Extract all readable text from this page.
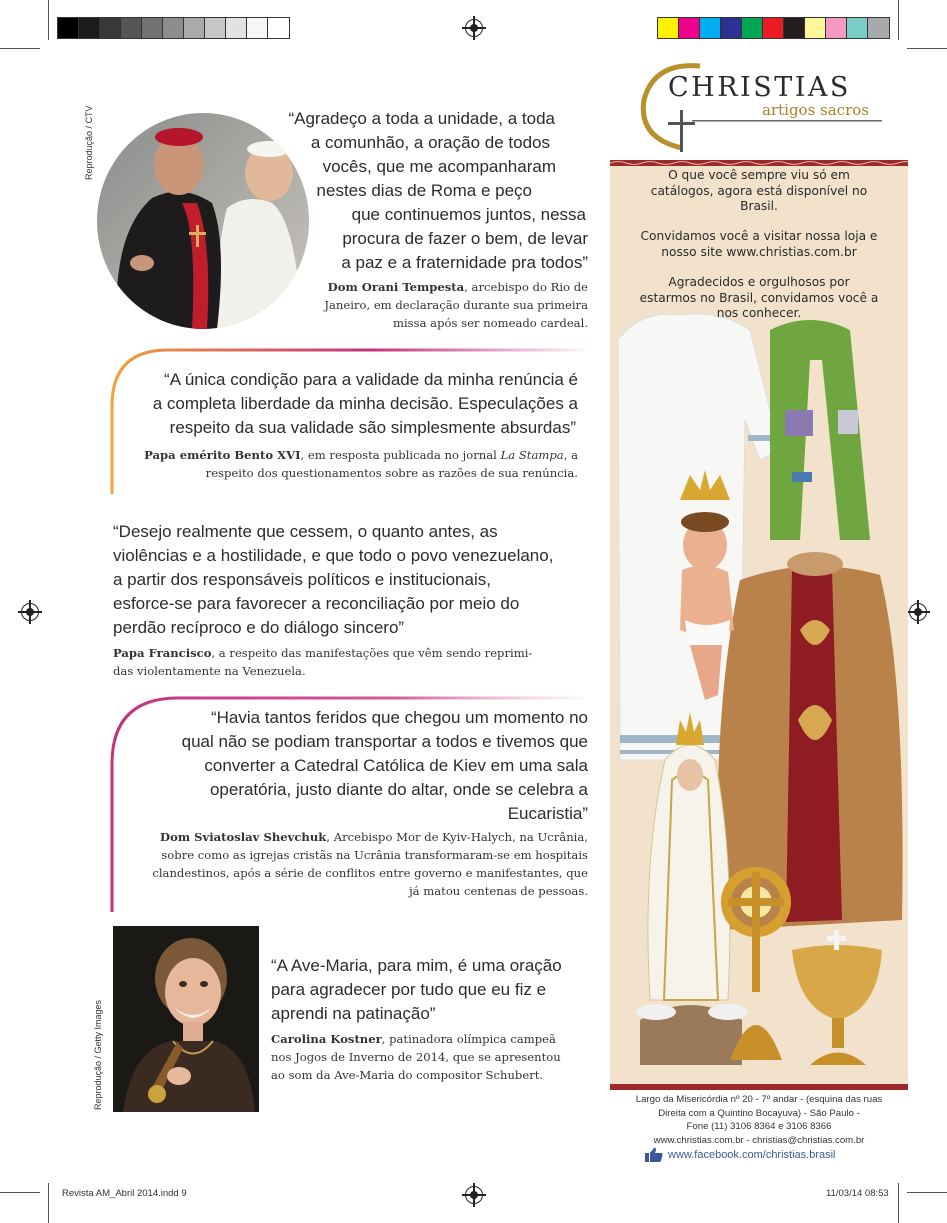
Revista AM_Abril 2014.indd 9	11/03/14 08:53
Reprodução / CTV
Reprodução / Getty Images
“Agradeço a toda a unidade, a toda
a comunhão, a oração de todos
vocês, que me acompanharam
nestes dias de Roma e peço
que continuemos juntos, nessa
procura de fazer o bem, de levar
a paz e a fraternidade pra todos”
Dom Orani Tempesta, arcebispo do Rio de
Janeiro, em declaração durante sua primeira
missa após ser nomeado cardeal.
“A única condição para a validade da minha renúncia é
a completa liberdade da minha decisão. Especulações a
respeito da sua validade são simplesmente absurdas”
Papa emérito Bento XVI, em resposta publicada no jornal La Stampa, a
respeito dos questionamentos sobre as razões de sua renúncia.
“Desejo realmente que cessem, o quanto antes, as
violências e a hostilidade, e que todo o povo venezuelano,
a partir dos responsáveis políticos e institucionais,
esforce-se para favorecer a reconciliação por meio do
perdão recíproco e do diálogo sincero”
Papa Francisco, a respeito das manifestações que vêm sendo reprimi-
das violentamente na Venezuela.
“Havia tantos feridos que chegou um momento no
qual não se podiam transportar a todos e tivemos que
converter a Catedral Católica de Kiev em uma sala
operatória, justo diante do altar, onde se celebra a
Eucaristia”
Dom Sviatoslav Shevchuk, Arcebispo Mor de Kyiv-Halych, na Ucrânia,
sobre como as igrejas cristãs na Ucrânia transformaram-se em hospitais
clandestinos, após a série de conflitos entre governo e manifestantes, que
já matou centenas de pessoas.
“A Ave-Maria, para mim, é uma oração
para agradecer por tudo que eu fiz e
aprendi na patinação”
Carolina Kostner, patinadora olímpica campeã
nos Jogos de Inverno de 2014, que se apresentou
ao som da Ave-Maria do compositor Schubert.
CHRISTIAS
artigos sacros
O que você sempre viu só em
catálogos, agora está disponível no
Brasil.
Convidamos você a visitar nossa loja e
nosso site www.christias.com.br
Agradecidos e orgulhosos por
estarmos no Brasil, convidamos você a
nos conhecer.
Largo da Misericórdia nº 20 - 7º andar - (esquina das ruas
Direita com a Quintino Bocayuva) - São Paulo -
Fone (11) 3106 8364 e 3106 8366
www.christias.com.br - christias@christias.com.br
www.facebook.com/christias.brasil
